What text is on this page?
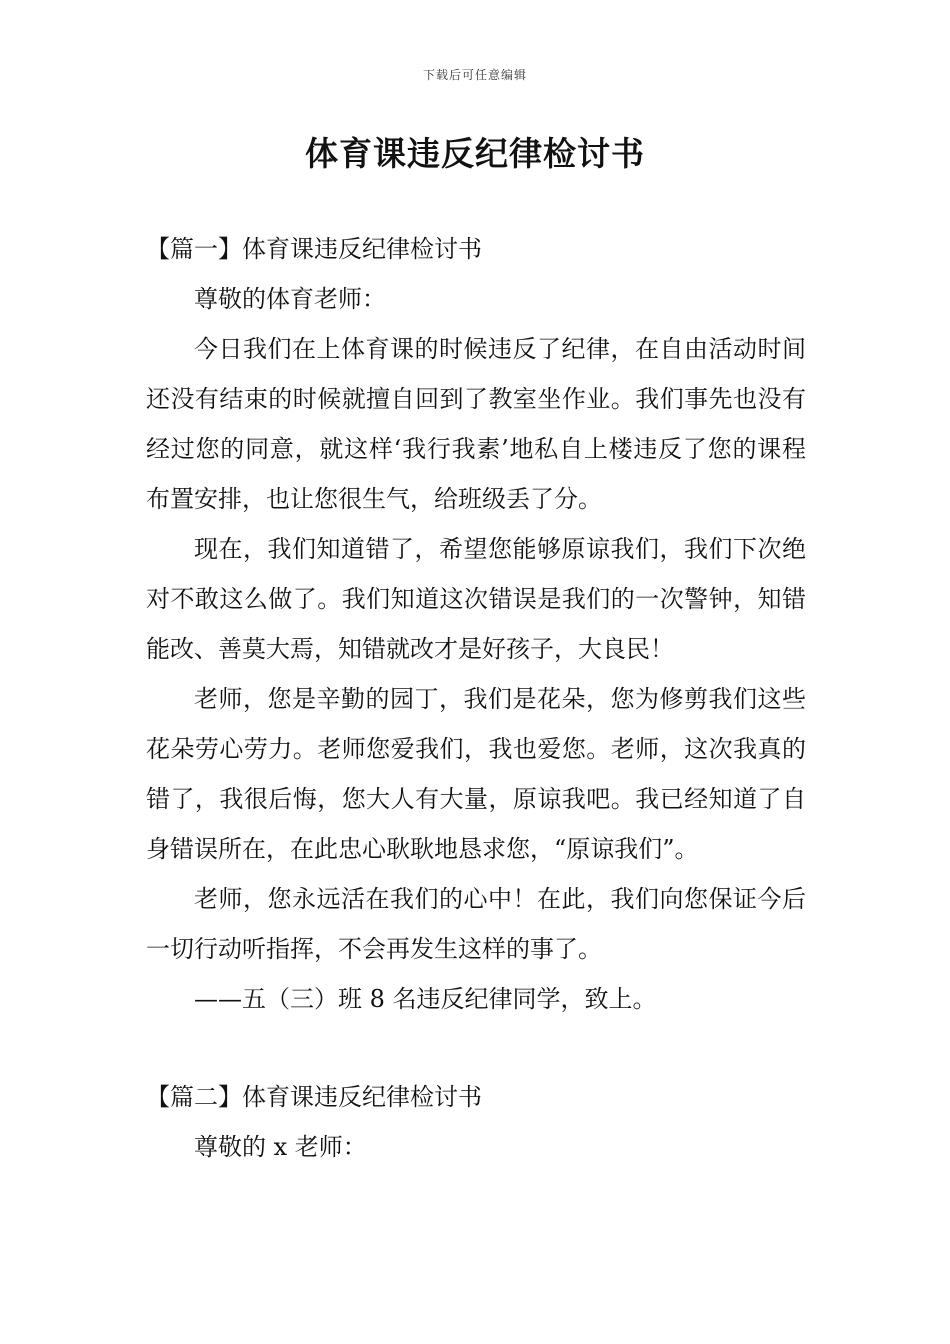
下载后可任意编辑
体育课违反纪律检讨书

【篇一】体育课违反纪律检讨书

尊敬的体育老师：

今日我们在上体育课的时候违反了纪律，在自由活动时间还没有结束的时候就擅自回到了教室坐作业。我们事先也没有经过您的同意，就这样‘我行我素’地私自上楼违反了您的课程布置安排，也让您很生气，给班级丢了分。

现在，我们知道错了，希望您能够原谅我们，我们下次绝对不敢这么做了。我们知道这次错误是我们的一次警钟，知错能改、善莫大焉，知错就改才是好孩子，大良民！

老师，您是辛勤的园丁，我们是花朵，您为修剪我们这些花朵劳心劳力。老师您爱我们，我也爱您。老师，这次我真的错了，我很后悔，您大人有大量，原谅我吧。我已经知道了自身错误所在，在此忠心耿耿地恳求您，“原谅我们”。

老师，您永远活在我们的心中！在此，我们向您保证今后一切行动听指挥，不会再发生这样的事了。

——五（三）班 8 名违反纪律同学，致上。

【篇二】体育课违反纪律检讨书

尊敬的 x 老师：
